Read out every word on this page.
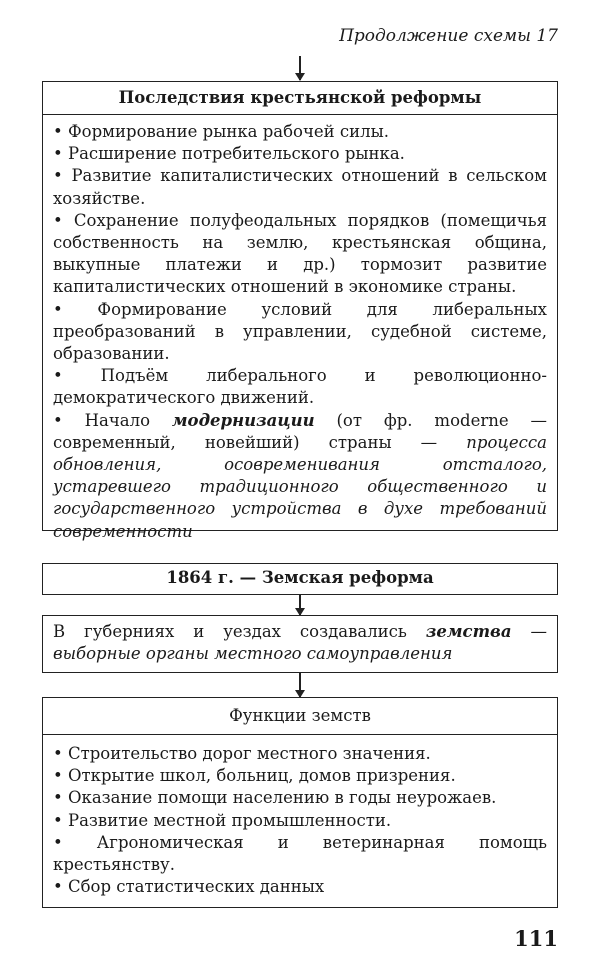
Продолжение схемы 17
Последствия крестьянской реформы

• Формирование рынка рабочей силы.

• Расширение потребительского рынка.

• Развитие капиталистических отношений в сельском хозяйстве.

• Сохранение полуфеодальных порядков (помещичья собственность на землю, крестьянская община, выкупные платежи и др.) тормозит развитие капиталистических отношений в экономике страны.

• Формирование условий для либеральных преобразований в управлении, судебной системе, образовании.

• Подъём либерального и революционно-демократического движений.

• Начало модернизации (от фр. moderne — современный, новейший) страны — процесса обновления, осовременивания отсталого, устаревшего традиционного общественного и государственного устройства в духе требований современности

1864 г. — Земская реформа
В губерниях и уездах создавались земства — выборные органы местного самоуправления
Функции земств

• Строительство дорог местного значения.

• Открытие школ, больниц, домов призрения.

• Оказание помощи населению в годы неурожаев.

• Развитие местной промышленности.

• Агрономическая и ветеринарная помощь крестьянству.

• Сбор статистических данных

111
